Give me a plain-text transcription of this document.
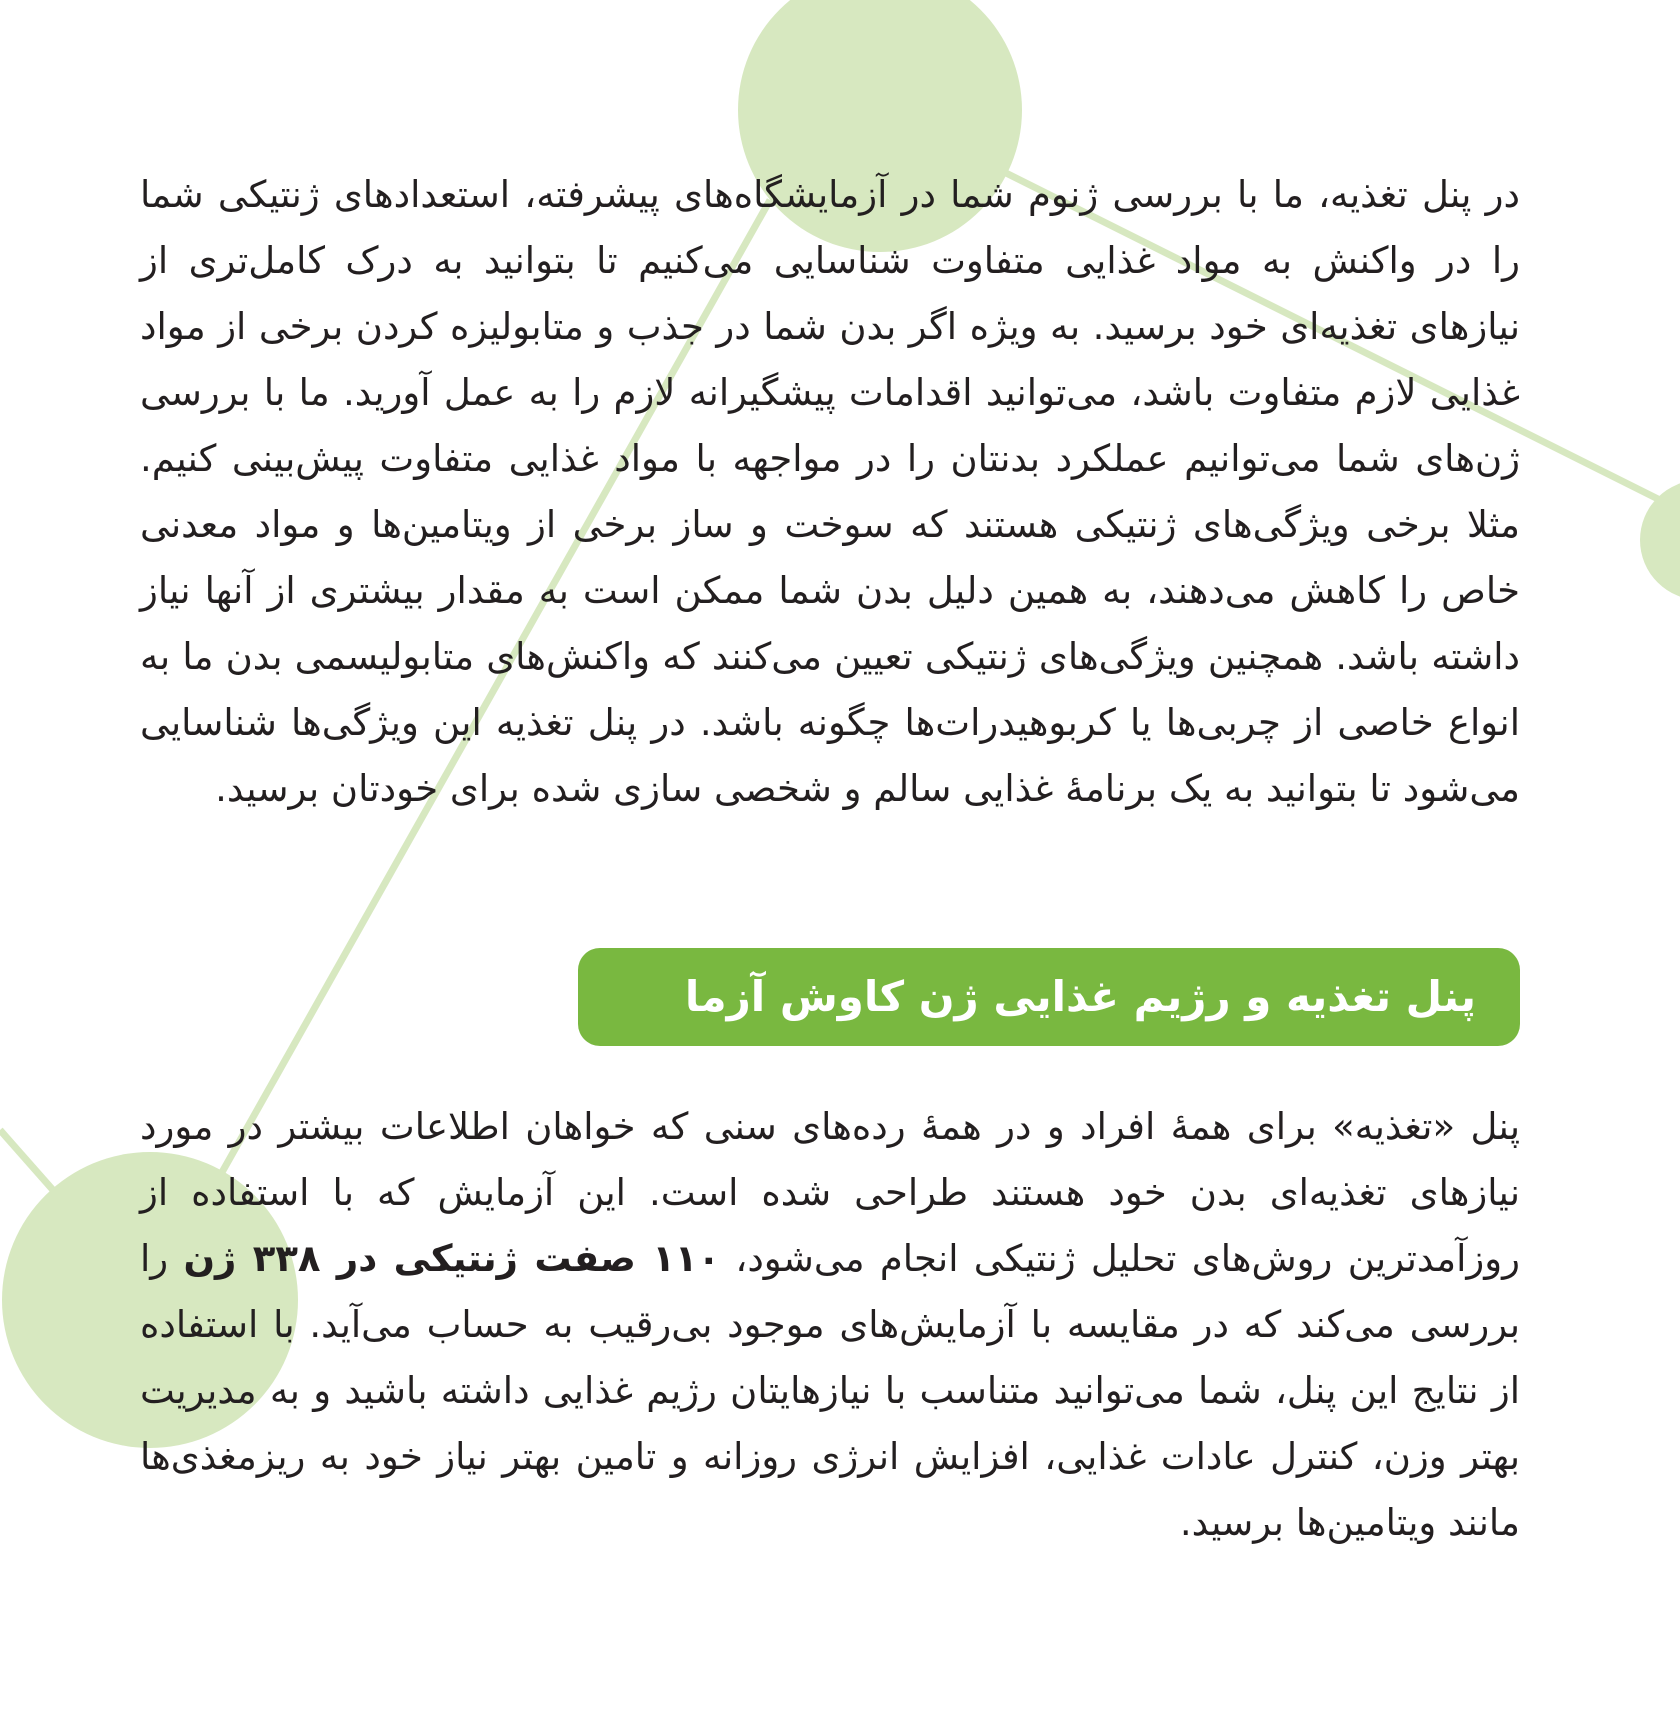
در پنل تغذیه، ما با بررسی ژنوم شما در آزمایشگاه‌های پیشرفته، استعدادهای ژنتیکی شما را در واکنش به مواد غذایی متفاوت شناسایی می‌کنیم تا بتوانید به درک کامل‌تری از نیازهای تغذیه‌ای خود برسید. به ویژه اگر بدن شما در جذب و متابولیزه کردن برخی از مواد غذایی لازم متفاوت باشد، می‌توانید اقدامات پیشگیرانه لازم را به عمل آورید. ما با بررسی ژن‌های شما می‌توانیم عملکرد بدنتان را در مواجهه با مواد غذایی متفاوت پیش‌بینی کنیم. مثلا برخی ویژگی‌های ژنتیکی هستند که سوخت و ساز برخی از ویتامین‌ها و مواد معدنی خاص را کاهش می‌دهند، به همین دلیل بدن شما ممکن است به مقدار بیشتری از آنها نیاز داشته باشد. همچنین ویژگی‌های ژنتیکی تعیین می‌کنند که واکنش‌های متابولیسمی بدن ما به انواع خاصی از چربی‌ها یا کربوهیدرات‌ها چگونه باشد. در پنل تغذیه این ویژگی‌ها شناسایی می‌شود تا بتوانید به یک برنامهٔ غذایی سالم و شخصی سازی شده برای خودتان برسید.

پنل تغذیه و رژیم غذایی ژن کاوش آزما

پنل «تغذیه» برای همهٔ افراد و در همهٔ رده‌های سنی که خواهان اطلاعات بیشتر در مورد نیازهای تغذیه‌ای بدن خود هستند طراحی شده است. این آزمایش که با استفاده از روزآمدترین روش‌های تحلیل ژنتیکی انجام می‌شود، ۱۱۰ صفت ژنتیکی در ۳۳۸ ژن را بررسی می‌کند که در مقایسه با آزمایش‌های موجود بی‌رقیب به حساب می‌آید. با استفاده از نتایج این پنل، شما می‌توانید متناسب با نیازهایتان رژیم غذایی داشته باشید و به مدیریت بهتر وزن، کنترل عادات غذایی، افزایش انرژی روزانه و تامین بهتر نیاز خود به ریزمغذی‌ها مانند ویتامین‌ها برسید.
